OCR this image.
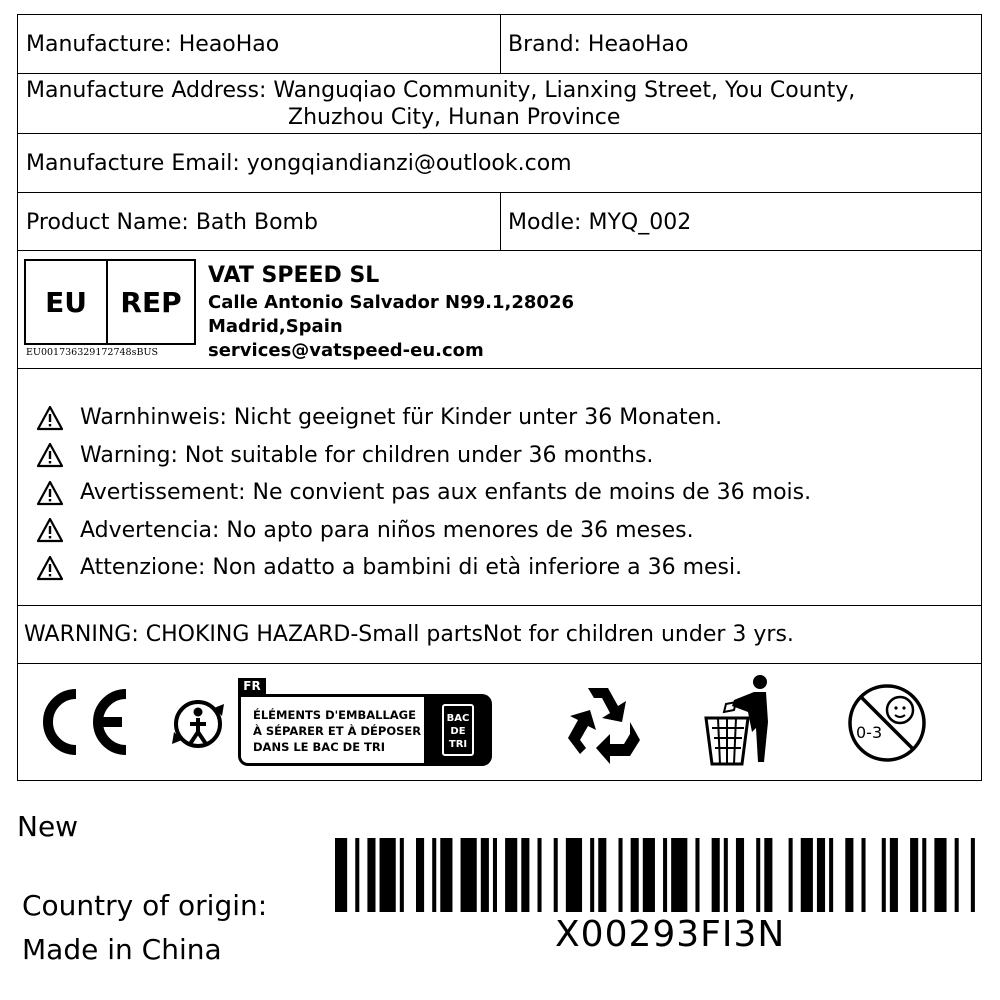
Manufacture: HeaoHao	Brand: HeaoHao
Manufacture Address: Wanguqiao Community, Lianxing Street, You County,
Zhuzhou City, Hunan Province
Manufacture Email: yongqiandianzi@outlook.com
Product Name: Bath Bomb	Modle: MYQ_002
EU	REP
EU001736329172748sBUS
VAT SPEED SL
Calle Antonio Salvador N99.1,28026
Madrid,Spain
services@vatspeed-eu.com
Warnhinweis: Nicht geeignet für Kinder unter 36 Monaten.
Warning: Not suitable for children under 36 months.
Avertissement: Ne convient pas aux enfants de moins de 36 mois.
Advertencia: No apto para niños menores de 36 meses.
Attenzione: Non adatto a bambini di età inferiore a 36 mesi.
WARNING: CHOKING HAZARD-Small partsNot for children under 3 yrs.
CE	FR
ÉLÉMENTS D'EMBALLAGE
À SÉPARER ET À DÉPOSER
DANS LE BAC DE TRI
BAC
DE
TRI
0-3
New
Country of origin:
Made in China	X00293FI3N
